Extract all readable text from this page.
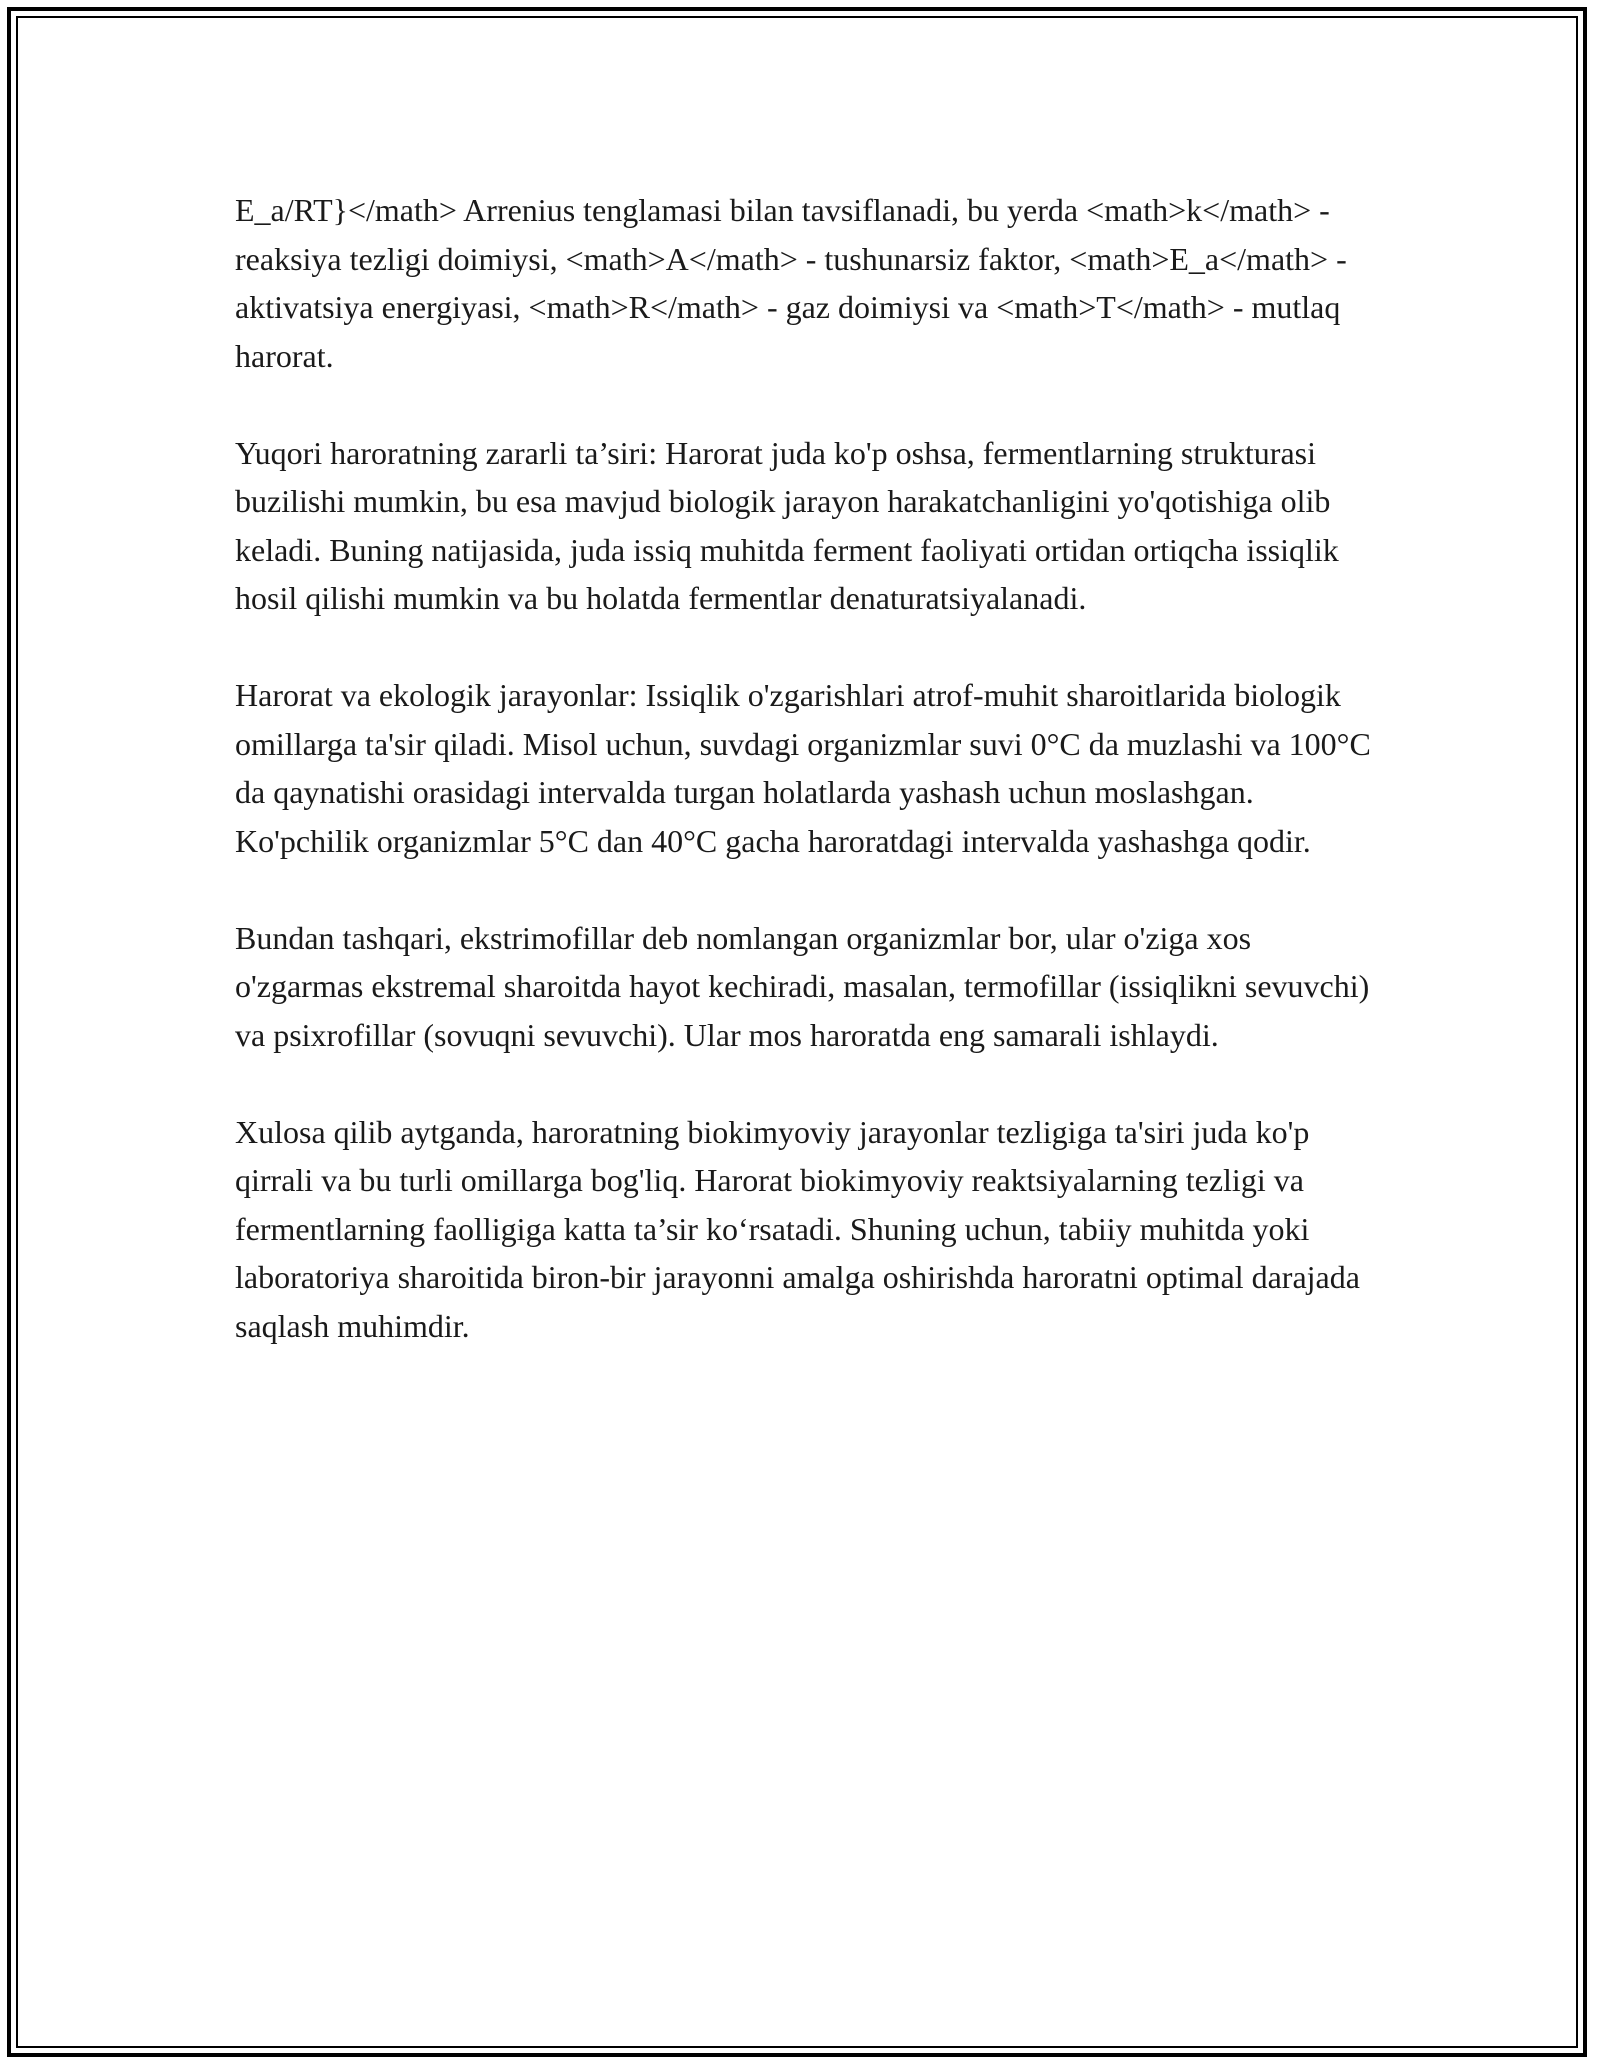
E_a/RT}</math> Arrenius tenglamasi bilan tavsiflanadi, bu yerda <math>k</math> - reaksiya tezligi doimiysi, <math>A</math> - tushunarsiz faktor, <math>E_a</math> - aktivatsiya energiyasi, <math>R</math> - gaz doimiysi va <math>T</math> - mutlaq harorat.

Yuqori haroratning zararli ta’siri: Harorat juda ko'p oshsa, fermentlarning strukturasi buzilishi mumkin, bu esa mavjud biologik jarayon harakatchanligini yo'qotishiga olib keladi. Buning natijasida, juda issiq muhitda ferment faoliyati ortidan ortiqcha issiqlik hosil qilishi mumkin va bu holatda fermentlar denaturatsiyalanadi.

Harorat va ekologik jarayonlar: Issiqlik o'zgarishlari atrof-muhit sharoitlarida biologik omillarga ta'sir qiladi. Misol uchun, suvdagi organizmlar suvi 0°C da muzlashi va 100°C da qaynatishi orasidagi intervalda turgan holatlarda yashash uchun moslashgan. Ko'pchilik organizmlar 5°C dan 40°C gacha haroratdagi intervalda yashashga qodir.

Bundan tashqari, ekstrimofillar deb nomlangan organizmlar bor, ular o'ziga xos o'zgarmas ekstremal sharoitda hayot kechiradi, masalan, termofillar (issiqlikni sevuvchi) va psixrofillar (sovuqni sevuvchi). Ular mos haroratda eng samarali ishlaydi.

Xulosa qilib aytganda, haroratning biokimyoviy jarayonlar tezligiga ta'siri juda ko'p qirrali va bu turli omillarga bog'liq. Harorat biokimyoviy reaktsiyalarning tezligi va fermentlarning faolligiga katta ta’sir ko‘rsatadi. Shuning uchun, tabiiy muhitda yoki laboratoriya sharoitida biron-bir jarayonni amalga oshirishda haroratni optimal darajada saqlash muhimdir.
